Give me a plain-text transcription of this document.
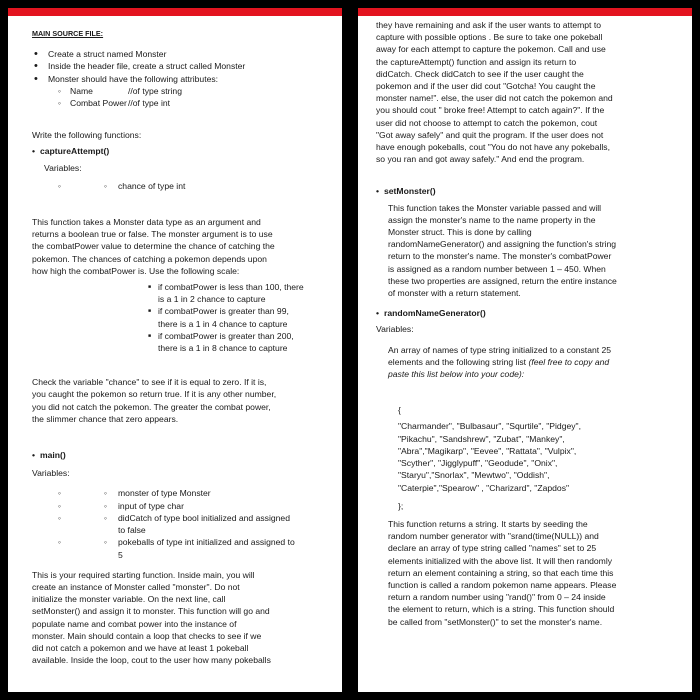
MAIN SOURCE FILE:
• Create a struct named Monster
• Inside the header file, create a struct called Monster
• Monster should have the following attributes:
◦ Name	//of type string
◦ Combat Power//of type int

Write the following functions:

• captureAttempt()

Variables:

◦ ◦ chance of type int

This function takes a Monster data type as an argument and

returns a boolean true or false. The monster argument is to use

the combatPower value to determine the chance of catching the

pokemon. The chances of catching a pokemon depends upon

how high the combatPower is. Use the following scale:

■ if combatPower is less than 100, there

is a 1 in 2 chance to capture

■ if combatPower is greater than 99,

there is a 1 in 4 chance to capture

■ if combatPower is greater than 200,

there is a 1 in 8 chance to capture

Check the variable "chance" to see if it is equal to zero. If it is,

you caught the pokemon so return true. If it is any other number,

you did not catch the pokemon. The greater the combat power,

the slimmer chance that zero appears.

• main()

Variables:

◦ ◦ monster of type Monster
◦ ◦ input of type char
◦ ◦ didCatch of type bool initialized and assigned

to false

◦ ◦ pokeballs of type int initialized and assigned to

5

This is your required starting function. Inside main, you will

create an instance of Monster called "monster". Do not

initialize the monster variable. On the next line, call

setMonster() and assign it to monster. This function will go and

populate name and combat power into the instance of

monster. Main should contain a loop that checks to see if we

did not catch a pokemon and we have at least 1 pokeball

available. Inside the loop, cout to the user how many pokeballs

they have remaining and ask if the user wants to attempt to

capture with possible options . Be sure to take one pokeball

away for each attempt to capture the pokemon. Call and use

the captureAttempt() function and assign its return to

didCatch. Check didCatch to see if the user caught the

pokemon and if the user did cout "Gotcha! You caught the

monster name!". else, the user did not catch the pokemon and

you should cout " broke free! Attempt to catch again?". If the

user did not choose to attempt to catch the pokemon, cout

"Got away safely" and quit the program. If the user does not

have enough pokeballs, cout "You do not have any pokeballs,

so you ran and got away safely." And end the program.

• setMonster()

This function takes the Monster variable passed and will

assign the monster's name to the name property in the

Monster struct. This is done by calling

randomNameGenerator() and assigning the function's string

return to the monster's name. The monster's combatPower

is assigned as a random number between 1 – 450. When

these two properties are assigned, return the entire instance

of monster with a return statement.

• randomNameGenerator()

Variables:

An array of names of type string initialized to a constant 25

elements and the following string list (feel free to copy and

paste this list below into your code):

{

"Charmander", "Bulbasaur", "Squrtile", "Pidgey",

"Pikachu", "Sandshrew", "Zubat", "Mankey",

"Abra","Magikarp", "Eevee", "Rattata", "Vulpix",

"Scyther", "Jigglypuff", "Geodude", "Onix",

"Staryu","Snorlax", "Mewtwo", "Oddish",

"Caterpie","Spearow" , "Charizard", "Zapdos"

};

This function returns a string. It starts by seeding the

random number generator with "srand(time(NULL)) and

declare an array of type string called "names" set to 25

elements initialized with the above list. It will then randomly

return an element containing a string, so that each time this

function is called a random pokemon name appears. Please

return a random number using "rand()" from 0 – 24 inside

the element to return, which is a string. This function should

be called from "setMonster()" to set the monster's name.
